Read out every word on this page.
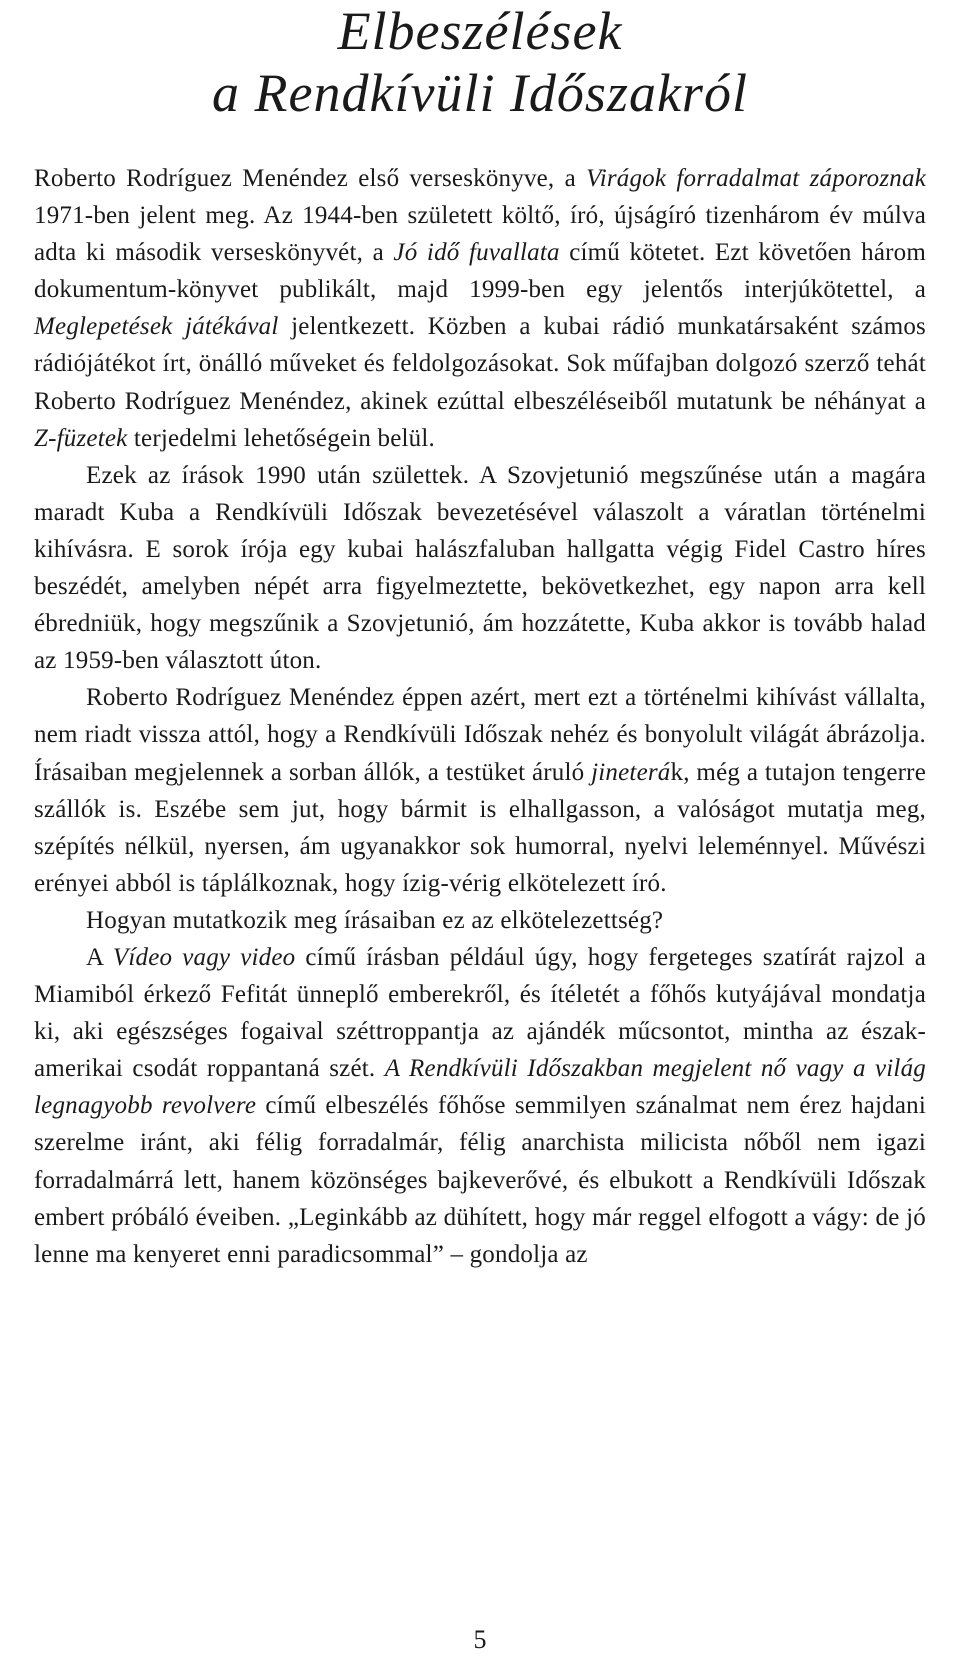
Elbeszélések
a Rendkívüli Időszakról

Roberto Rodríguez Menéndez első verseskönyve, a Virágok forradalmat záporoznak 1971-ben jelent meg. Az 1944-ben született költő, író, újságíró tizenhárom év múlva adta ki második verseskönyvét, a Jó idő fuvallata című kötetet. Ezt követően három dokumentum-könyvet publikált, majd 1999-ben egy jelentős interjúkötettel, a Meglepetések játékával jelentkezett. Közben a kubai rádió munkatársaként számos rádiójátékot írt, önálló műveket és feldolgozásokat. Sok műfajban dolgozó szerző tehát Roberto Rodríguez Menéndez, akinek ezúttal elbeszéléseiből mutatunk be néhányat a Z-füzetek terjedelmi lehetőségein belül.

Ezek az írások 1990 után születtek. A Szovjetunió megszűnése után a magára maradt Kuba a Rendkívüli Időszak bevezetésével válaszolt a váratlan történelmi kihívásra. E sorok írója egy kubai halászfaluban hallgatta végig Fidel Castro híres beszédét, amelyben népét arra figyelmeztette, bekövetkezhet, egy napon arra kell ébredniük, hogy megszűnik a Szovjetunió, ám hozzátette, Kuba akkor is tovább halad az 1959-ben választott úton.

Roberto Rodríguez Menéndez éppen azért, mert ezt a történelmi kihívást vállalta, nem riadt vissza attól, hogy a Rendkívüli Időszak nehéz és bonyolult világát ábrázolja. Írásaiban megjelennek a sorban állók, a testüket áruló jineterák, még a tutajon tengerre szállók is. Eszébe sem jut, hogy bármit is elhallgasson, a valóságot mutatja meg, szépítés nélkül, nyersen, ám ugyanakkor sok humorral, nyelvi leleménnyel. Művészi erényei abból is táplálkoznak, hogy ízig-vérig elkötelezett író.

Hogyan mutatkozik meg írásaiban ez az elkötelezettség?

A Vídeo vagy video című írásban például úgy, hogy fergeteges szatírát rajzol a Miamiból érkező Fefitát ünneplő emberekről, és ítéletét a főhős kutyájával mondatja ki, aki egészséges fogaival széttroppantja az ajándék műcsontot, mintha az észak-amerikai csodát roppantaná szét. A Rendkívüli Időszakban megjelent nő vagy a világ legnagyobb revolvere című elbeszélés főhőse semmilyen szánalmat nem érez hajdani szerelme iránt, aki félig forradalmár, félig anarchista milicista nőből nem igazi forradalmárrá lett, hanem közönséges bajkeverővé, és elbukott a Rendkívüli Időszak embert próbáló éveiben. „Leginkább az dühített, hogy már reggel elfogott a vágy: de jó lenne ma kenyeret enni paradicsommal” – gondolja az

5
